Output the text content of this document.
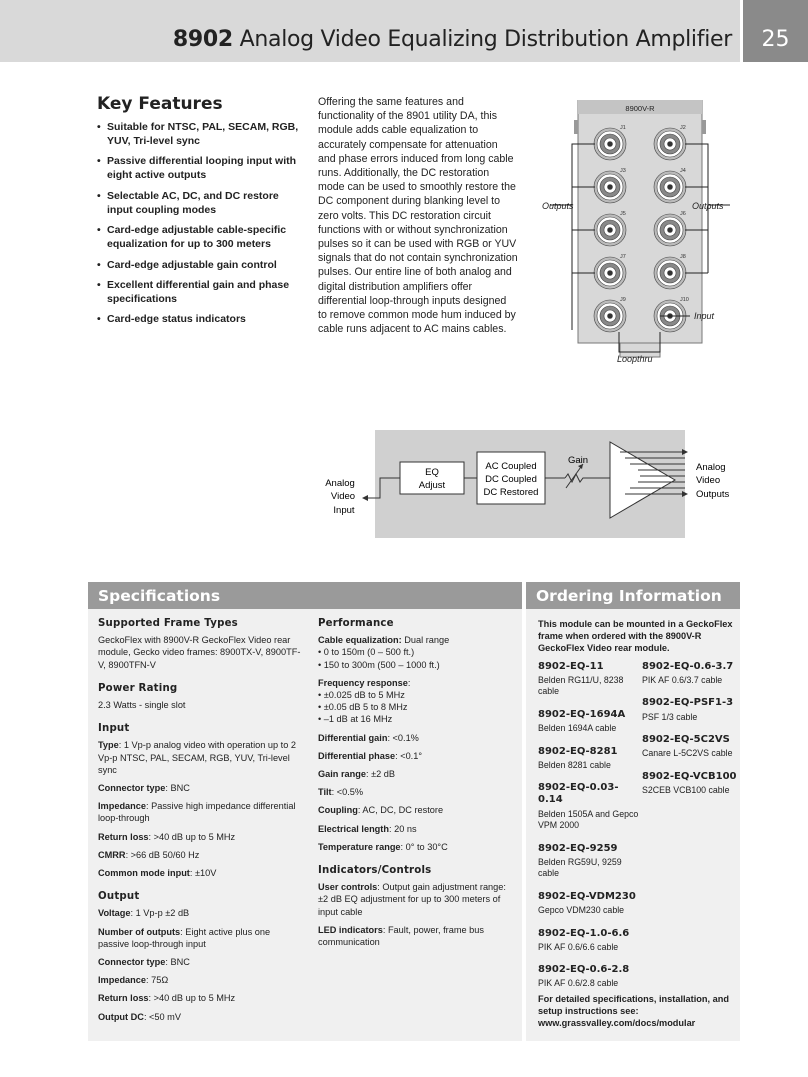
8902 Analog Video Equalizing Distribution Amplifier	25
Key Features
• Suitable for NTSC, PAL, SECAM, RGB, YUV, Tri-level sync
• Passive differential looping input with eight active outputs
• Selectable AC, DC, and DC restore input coupling modes
• Card-edge adjustable cable-specific equalization for up to 300 meters
• Card-edge adjustable gain control
• Excellent differential gain and phase specifications
• Card-edge status indicators
Offering the same features and functionality of the 8901 utility DA, this module adds cable equalization to accurately compensate for attenuation and phase errors induced from long cable runs. Additionally, the DC restoration mode can be used to smoothly restore the DC component during blanking level to zero volts. This DC restoration circuit functions with or without synchronization pulses so it can be used with RGB or YUV signals that do not contain synchronization pulses. Our entire line of both analog and digital distribution amplifiers offer differential loop-through inputs designed to remove common mode hum induced by cable runs adjacent to AC mains cables.
8900V-R
J1	J2
J3	J4
J5	J6
J7	J8
J9	J10
Outputs	Outputs
Input
Loopthru
EQ
Adjust
AC Coupled
DC Coupled
DC Restored
Gain
Analog
Video
Input
Analog
Video
Outputs
Specifications	Ordering Information
Supported Frame Types

GeckoFlex with 8900V-R GeckoFlex Video rear module, Gecko video frames: 8900TX-V, 8900TF-V, 8900TFN-V

Power Rating

2.3 Watts - single slot

Input

Type: 1 Vp-p analog video with operation up to 2 Vp-p NTSC, PAL, SECAM, RGB, YUV, Tri-level sync

Connector type: BNC

Impedance: Passive high impedance differential loop-through

Return loss: >40 dB up to 5 MHz

CMRR: >66 dB 50/60 Hz

Common mode input: ±10V

Output

Voltage: 1 Vp-p ±2 dB

Number of outputs: Eight active plus one passive loop-through input

Connector type: BNC

Impedance: 75Ω

Return loss: >40 dB up to 5 MHz

Output DC: <50 mV

Performance
Cable equalization: Dual range
• 0 to 150m (0 – 500 ft.)
• 150 to 300m (500 – 1000 ft.)
Frequency response:
• ±0.025 dB to 5 MHz
• ±0.05 dB 5 to 8 MHz
• –1 dB at 16 MHz

Differential gain: <0.1%

Differential phase: <0.1°

Gain range: ±2 dB

Tilt: <0.5%

Coupling: AC, DC, DC restore

Electrical length: 20 ns

Temperature range: 0° to 30°C

Indicators/Controls

User controls: Output gain adjustment range: ±2 dB EQ adjustment for up to 300 meters of input cable

LED indicators: Fault, power, frame bus communication

This module can be mounted in a GeckoFlex frame when ordered with the 8900V-R GeckoFlex Video rear module.

8902-EQ-11
Belden RG11/U, 8238 cable
8902-EQ-1694A
Belden 1694A cable
8902-EQ-8281
Belden 8281 cable
8902-EQ-0.03-0.14
Belden 1505A and Gepco VPM 2000
8902-EQ-9259
Belden RG59U, 9259 cable
8902-EQ-VDM230
Gepco VDM230 cable
8902-EQ-1.0-6.6
PIK AF 0.6/6.6 cable
8902-EQ-0.6-2.8
PIK AF 0.6/2.8 cable
8902-EQ-0.6-3.7
PIK AF 0.6/3.7 cable
8902-EQ-PSF1-3
PSF 1/3 cable
8902-EQ-5C2VS
Canare L-5C2VS cable
8902-EQ-VCB100
S2CEB VCB100 cable
For detailed specifications, installation, and setup instructions see: www.grassvalley.com/docs/modular
